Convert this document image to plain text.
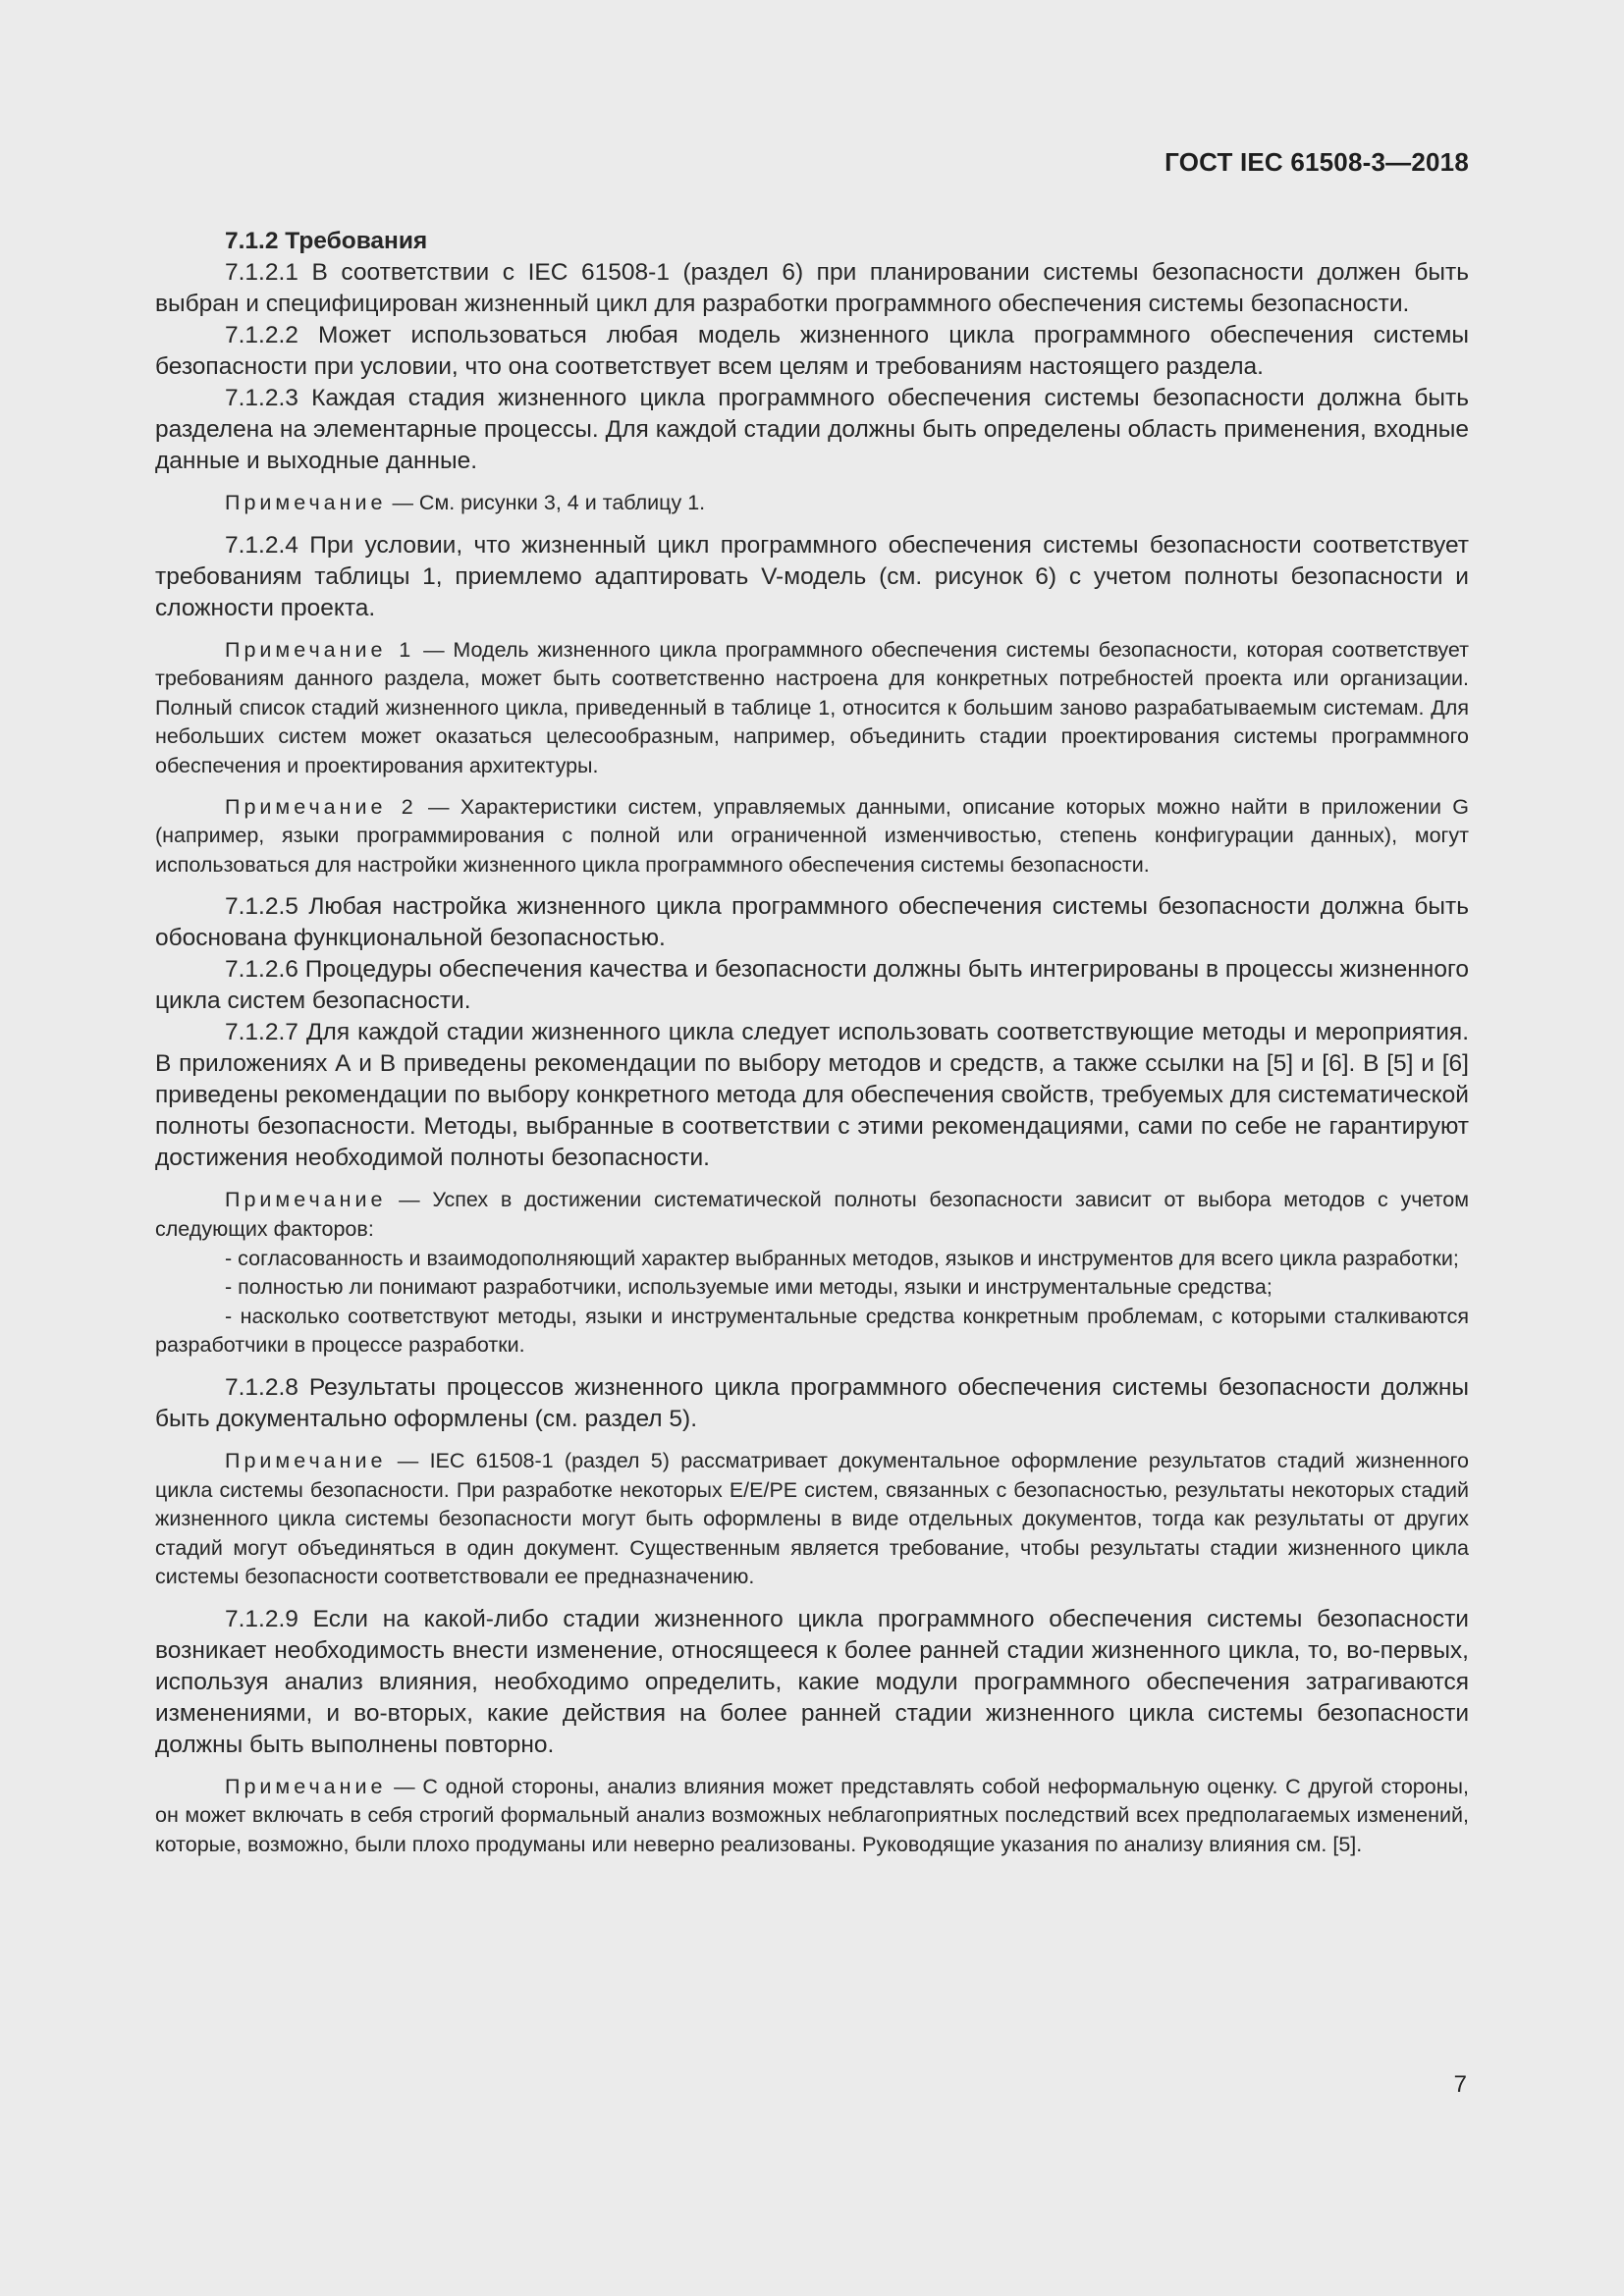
ГОСТ IEC 61508-3—2018

7.1.2 Требования

7.1.2.1 В соответствии с IEC 61508-1 (раздел 6) при планировании системы безопасности должен быть выбран и специфицирован жизненный цикл для разработки программного обеспечения системы безопасности.

7.1.2.2 Может использоваться любая модель жизненного цикла программного обеспечения системы безопасности при условии, что она соответствует всем целям и требованиям настоящего раздела.

7.1.2.3 Каждая стадия жизненного цикла программного обеспечения системы безопасности должна быть разделена на элементарные процессы. Для каждой стадии должны быть определены область применения, входные данные и выходные данные.

Примечание — См. рисунки 3, 4 и таблицу 1.

7.1.2.4 При условии, что жизненный цикл программного обеспечения системы безопасности соответствует требованиям таблицы 1, приемлемо адаптировать V-модель (см. рисунок 6) с учетом полноты безопасности и сложности проекта.

Примечание 1 — Модель жизненного цикла программного обеспечения системы безопасности, которая соответствует требованиям данного раздела, может быть соответственно настроена для конкретных потребностей проекта или организации. Полный список стадий жизненного цикла, приведенный в таблице 1, относится к большим заново разрабатываемым системам. Для небольших систем может оказаться целесообразным, например, объединить стадии проектирования системы программного обеспечения и проектирования архитектуры.

Примечание 2 — Характеристики систем, управляемых данными, описание которых можно найти в приложении G (например, языки программирования с полной или ограниченной изменчивостью, степень конфигурации данных), могут использоваться для настройки жизненного цикла программного обеспечения системы безопасности.

7.1.2.5 Любая настройка жизненного цикла программного обеспечения системы безопасности должна быть обоснована функциональной безопасностью.

7.1.2.6 Процедуры обеспечения качества и безопасности должны быть интегрированы в процессы жизненного цикла систем безопасности.

7.1.2.7 Для каждой стадии жизненного цикла следует использовать соответствующие методы и мероприятия. В приложениях А и В приведены рекомендации по выбору методов и средств, а также ссылки на [5] и [6]. В [5] и [6] приведены рекомендации по выбору конкретного метода для обеспечения свойств, требуемых для систематической полноты безопасности. Методы, выбранные в соответствии с этими рекомендациями, сами по себе не гарантируют достижения необходимой полноты безопасности.

Примечание — Успех в достижении систематической полноты безопасности зависит от выбора методов с учетом следующих факторов:

- согласованность и взаимодополняющий характер выбранных методов, языков и инструментов для всего цикла разработки;

- полностью ли понимают разработчики, используемые ими методы, языки и инструментальные средства;

- насколько соответствуют методы, языки и инструментальные средства конкретным проблемам, с которыми сталкиваются разработчики в процессе разработки.

7.1.2.8 Результаты процессов жизненного цикла программного обеспечения системы безопасности должны быть документально оформлены (см. раздел 5).

Примечание — IEC 61508-1 (раздел 5) рассматривает документальное оформление результатов стадий жизненного цикла системы безопасности. При разработке некоторых Е/Е/РЕ систем, связанных с безопасностью, результаты некоторых стадий жизненного цикла системы безопасности могут быть оформлены в виде отдельных документов, тогда как результаты от других стадий могут объединяться в один документ. Существенным является требование, чтобы результаты стадии жизненного цикла системы безопасности соответствовали ее предназначению.

7.1.2.9 Если на какой-либо стадии жизненного цикла программного обеспечения системы безопасности возникает необходимость внести изменение, относящееся к более ранней стадии жизненного цикла, то, во-первых, используя анализ влияния, необходимо определить, какие модули программного обеспечения затрагиваются изменениями, и во-вторых, какие действия на более ранней стадии жизненного цикла системы безопасности должны быть выполнены повторно.

Примечание — С одной стороны, анализ влияния может представлять собой неформальную оценку. С другой стороны, он может включать в себя строгий формальный анализ возможных неблагоприятных последствий всех предполагаемых изменений, которые, возможно, были плохо продуманы или неверно реализованы. Руководящие указания по анализу влияния см. [5].

7
